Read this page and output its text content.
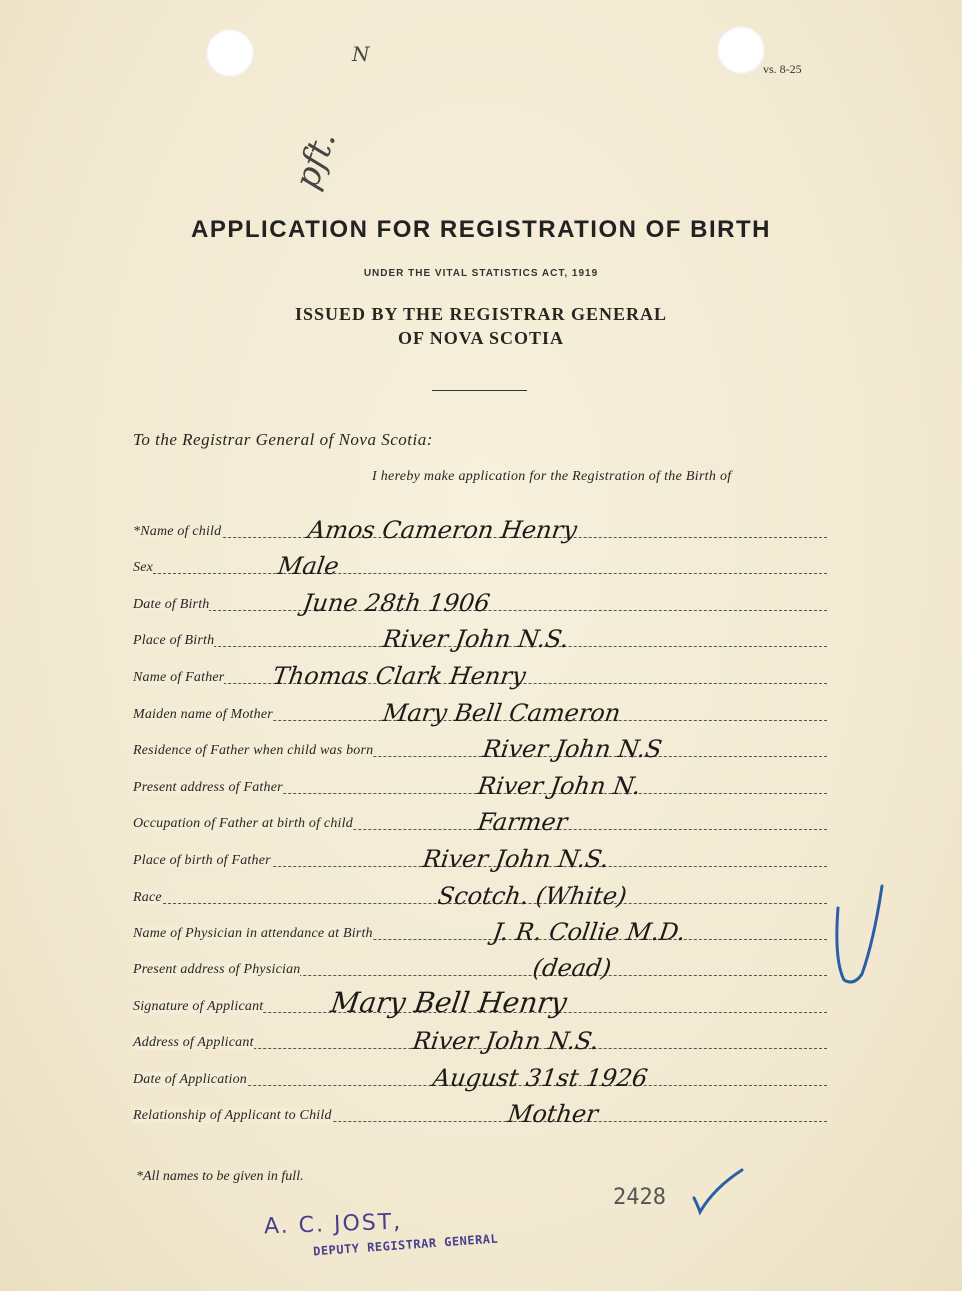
vs. 8-25
N
pft.
APPLICATION FOR REGISTRATION OF BIRTH
UNDER THE VITAL STATISTICS ACT, 1919
ISSUED BY THE REGISTRAR GENERAL
OF NOVA SCOTIA
To the Registrar General of Nova Scotia:
I hereby make application for the Registration of the Birth of
*Name of child	Amos Cameron Henry
Sex	Male
Date of Birth	June 28th 1906
Place of Birth	River John N.S.
Name of Father Thomas Clark Henry
Maiden name of Mother	Mary Bell Cameron
Residence of Father when child was born	River John N.S
Present address of Father	River John N.
Occupation of Father at birth of child	Farmer
Place of birth of Father	River John N.S.
Race	Scotch. (White)
Name of Physician in attendance at Birth	J. R. Collie M.D.
Present address of Physician	(dead)
Signature of Applicant Mary Bell Henry
Address of Applicant	River John N.S.
Date of Application	August 31st 1926
Relationship of Applicant to Child	Mother
*All names to be given in full.
2428
A. C. JOST,
DEPUTY REGISTRAR GENERAL
